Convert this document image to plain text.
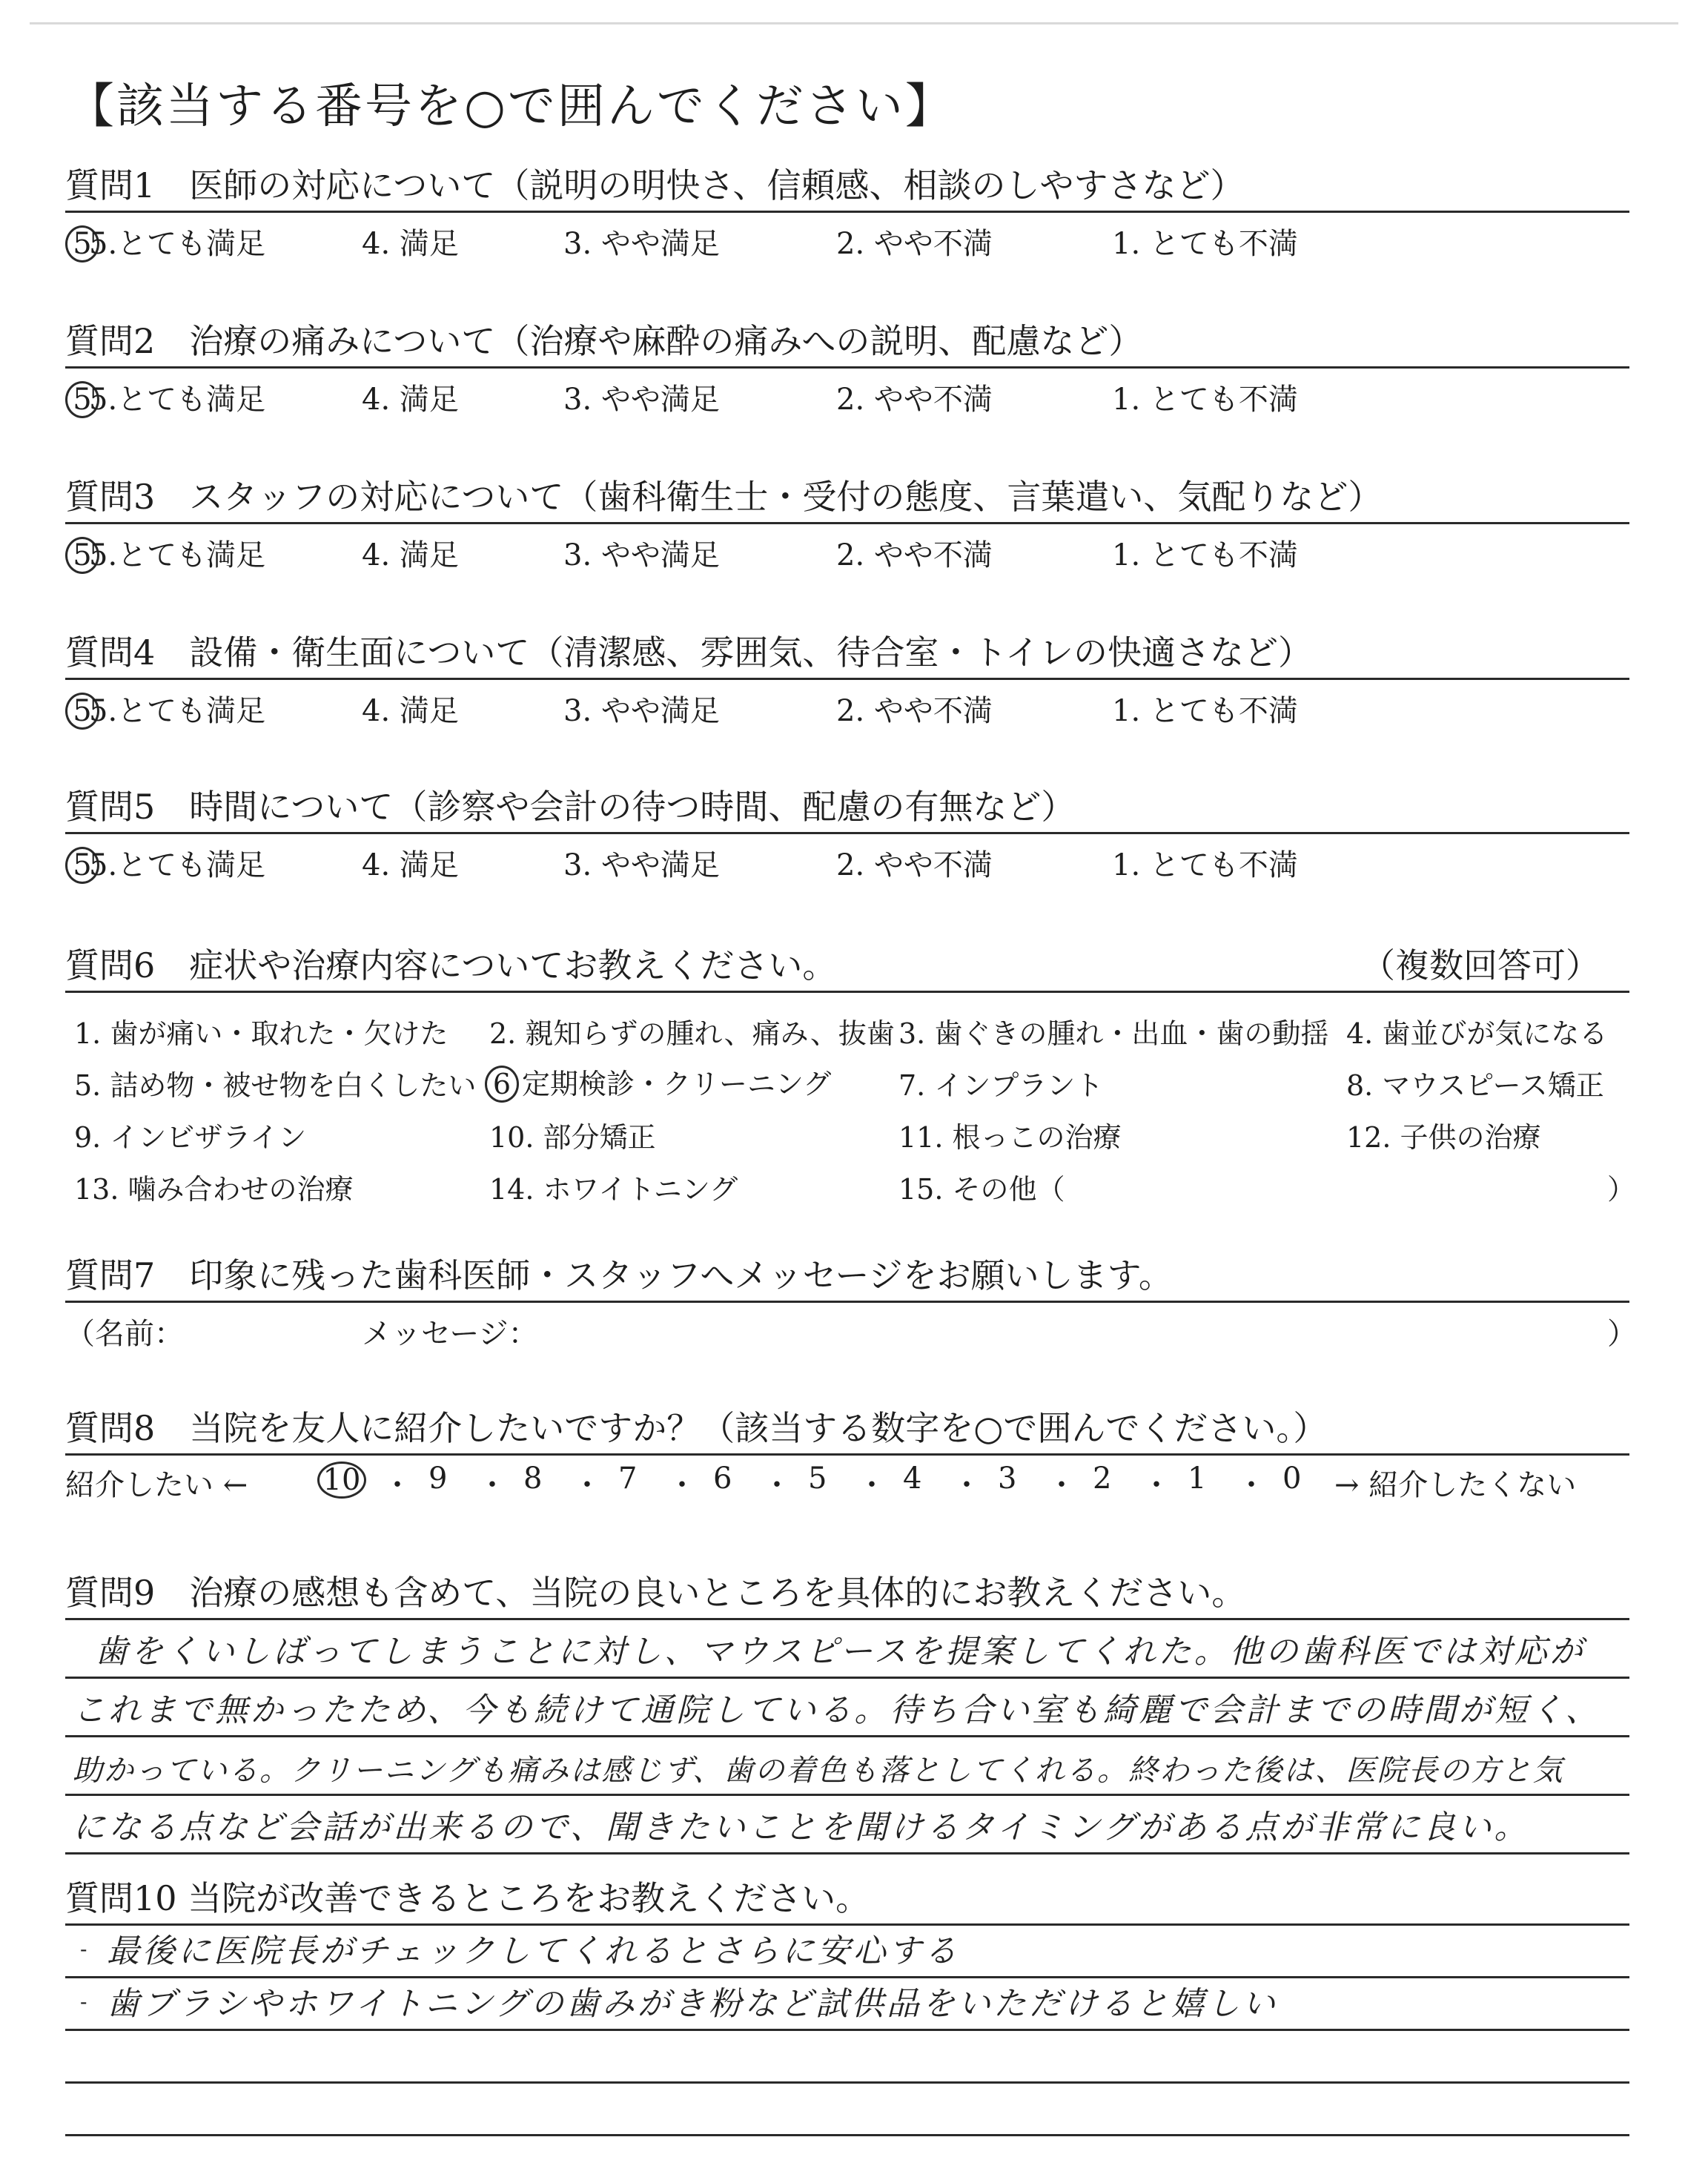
【該当する番号を○で囲んでください】
質問1　医師の対応について（説明の明快さ、信頼感、相談のしやすさなど）
55.とても満足	4. 満足	3. やや満足	2. やや不満	1. とても不満
質問2　治療の痛みについて（治療や麻酔の痛みへの説明、配慮など）
55.とても満足	4. 満足	3. やや満足	2. やや不満	1. とても不満
質問3　スタッフの対応について（歯科衛生士・受付の態度、言葉遣い、気配りなど）
55.とても満足	4. 満足	3. やや満足	2. やや不満	1. とても不満
質問4　設備・衛生面について（清潔感、雰囲気、待合室・トイレの快適さなど）
55.とても満足	4. 満足	3. やや満足	2. やや不満	1. とても不満
質問5　時間について（診察や会計の待つ時間、配慮の有無など）
55.とても満足	4. 満足	3. やや満足	2. やや不満	1. とても不満
質問6　症状や治療内容についてお教えください。	（複数回答可）
1. 歯が痛い・取れた・欠けた 2. 親知らずの腫れ、痛み、抜歯 3. 歯ぐきの腫れ・出血・歯の動揺 4. 歯並びが気になる
5. 詰め物・被せ物を白くしたい 6 定期検診・クリーニング 7. インプラント	8. マウスピース矯正
9. インビザライン	10. 部分矯正	11. 根っこの治療	12. 子供の治療
13. 噛み合わせの治療	14. ホワイトニング	15. その他（	）
質問7　印象に残った歯科医師・スタッフへメッセージをお願いします。
（名前：	メッセージ：	）
質問8　当院を友人に紹介したいですか？（該当する数字を○で囲んでください。）
紹介したい ←	10 ・ 9 ・ 8 ・ 7 ・ 6 ・ 5 ・ 4 ・ 3 ・ 2 ・ 1 ・ 0 → 紹介したくない
質問9　治療の感想も含めて、当院の良いところを具体的にお教えください。
歯をくいしばってしまうことに対し、マウスピースを提案してくれた。他の歯科医では対応が
これまで無かったため、今も続けて通院している。待ち合い室も綺麗で会計までの時間が短く、
助かっている。クリーニングも痛みは感じず、歯の着色も落としてくれる。終わった後は、医院長の方と気
になる点など会話が出来るので、聞きたいことを聞けるタイミングがある点が非常に良い。
質問10 当院が改善できるところをお教えください。
- 最後に医院長がチェックしてくれるとさらに安心する
- 歯ブラシやホワイトニングの歯みがき粉など試供品をいただけると嬉しい
